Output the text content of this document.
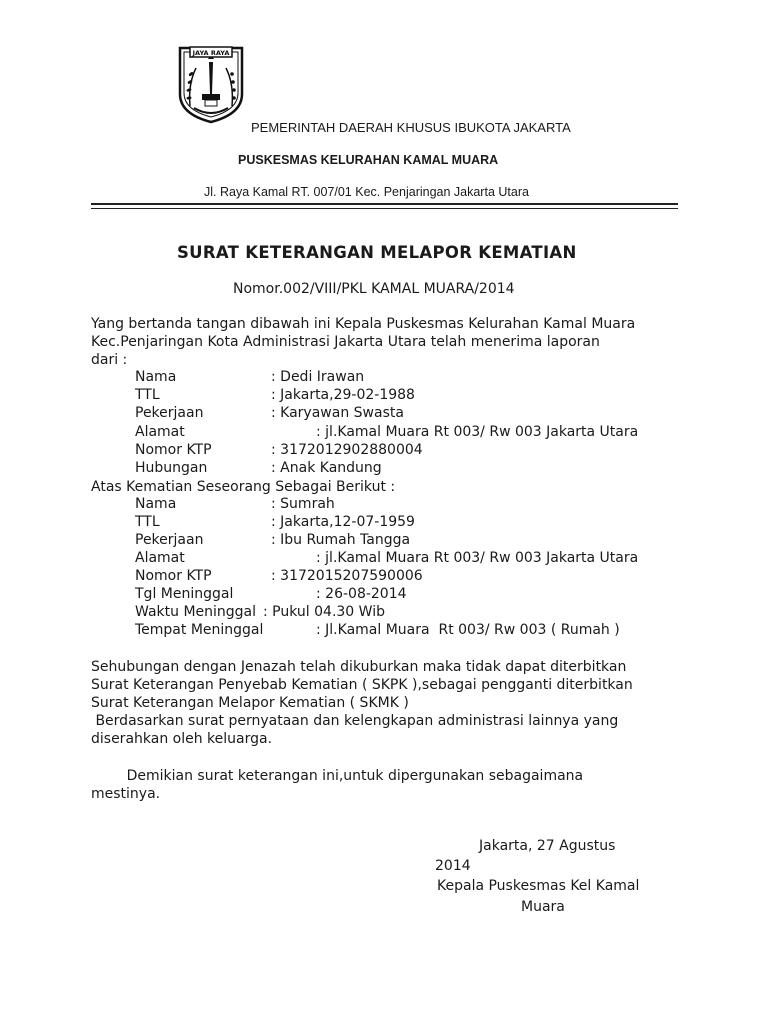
JAYA RAYA
PEMERINTAH DAERAH KHUSUS IBUKOTA JAKARTA
PUSKESMAS KELURAHAN KAMAL MUARA
Jl. Raya Kamal RT. 007/01 Kec. Penjaringan Jakarta Utara
SURAT KETERANGAN MELAPOR KEMATIAN
Nomor.002/VIII/PKL KAMAL MUARA/2014
Yang bertanda tangan dibawah ini Kepala Puskesmas Kelurahan Kamal Muara
Kec.Penjaringan Kota Administrasi Jakarta Utara telah menerima laporan
dari :
Nama	: Dedi Irawan
TTL	: Jakarta,29-02-1988
Pekerjaan	: Karyawan Swasta
Alamat	: jl.Kamal Muara Rt 003/ Rw 003 Jakarta Utara
Nomor KTP	: 3172012902880004
Hubungan	: Anak Kandung
Atas Kematian Seseorang Sebagai Berikut :
Nama	: Sumrah
TTL	: Jakarta,12-07-1959
Pekerjaan	: Ibu Rumah Tangga
Alamat	: jl.Kamal Muara Rt 003/ Rw 003 Jakarta Utara
Nomor KTP	: 3172015207590006
Tgl Meninggal	: 26-08-2014
Waktu Meninggal : Pukul 04.30 Wib
Tempat Meninggal	: Jl.Kamal Muara  Rt 003/ Rw 003 ( Rumah )
Sehubungan dengan Jenazah telah dikuburkan maka tidak dapat diterbitkan
Surat Keterangan Penyebab Kematian ( SKPK ),sebagai pengganti diterbitkan
Surat Keterangan Melapor Kematian ( SKMK )
Berdasarkan surat pernyataan dan kelengkapan administrasi lainnya yang
diserahkan oleh keluarga.
Demikian surat keterangan ini,untuk dipergunakan sebagaimana
mestinya.
Jakarta, 27 Agustus
2014
Kepala Puskesmas Kel Kamal
Muara
